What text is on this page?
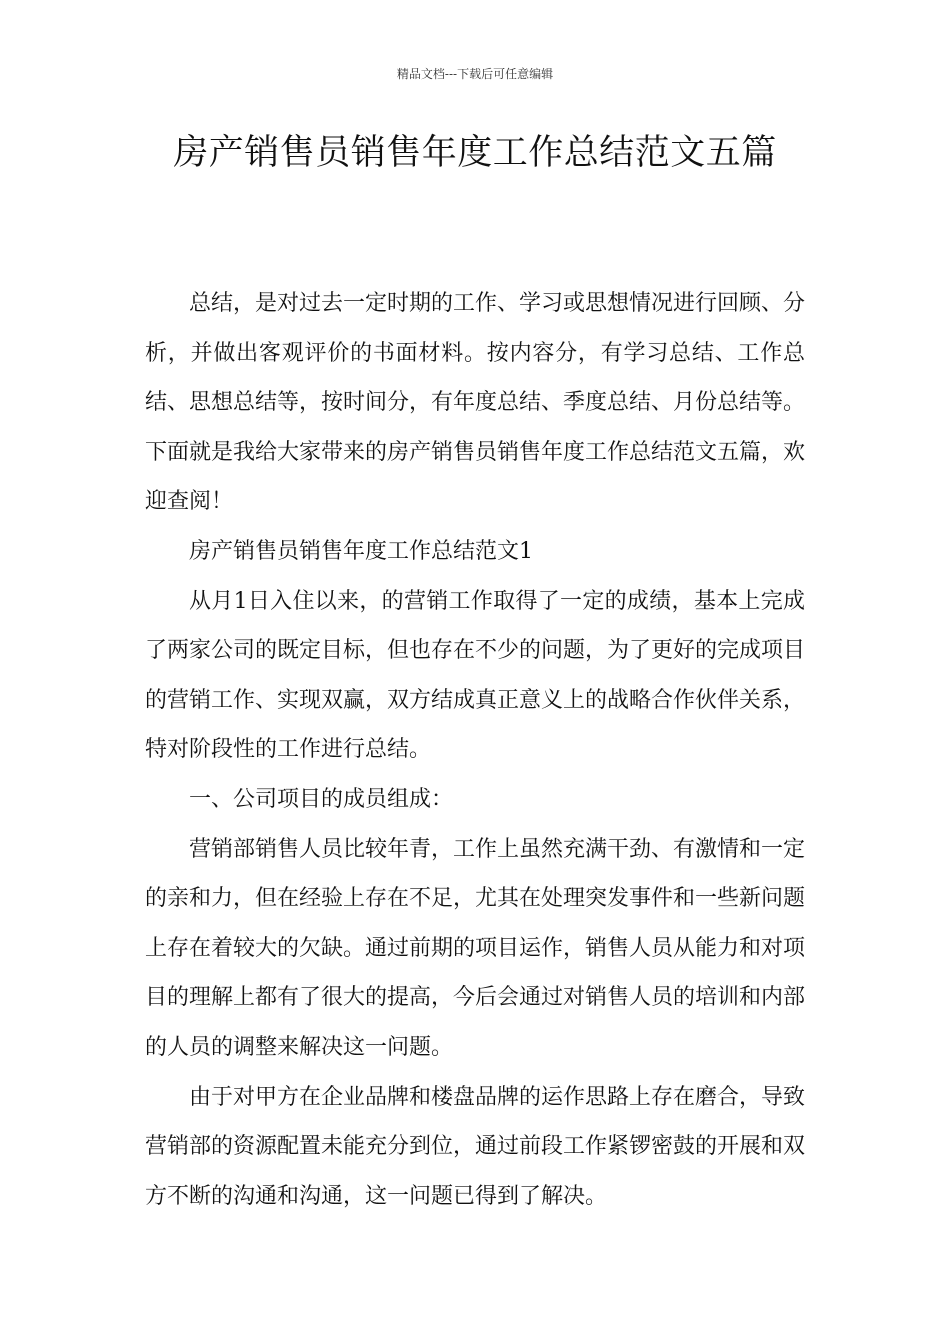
精品文档---下载后可任意编辑
房产销售员销售年度工作总结范文五篇

总结，是对过去一定时期的工作、学习或思想情况进行回顾、分析，并做出客观评价的书面材料。按内容分，有学习总结、工作总结、思想总结等，按时间分，有年度总结、季度总结、月份总结等。下面就是我给大家带来的房产销售员销售年度工作总结范文五篇，欢迎查阅！

房产销售员销售年度工作总结范文1

从月1日入住以来，的营销工作取得了一定的成绩，基本上完成了两家公司的既定目标，但也存在不少的问题，为了更好的完成项目的营销工作、实现双赢，双方结成真正意义上的战略合作伙伴关系，特对阶段性的工作进行总结。

一、公司项目的成员组成：

营销部销售人员比较年青，工作上虽然充满干劲、有激情和一定的亲和力，但在经验上存在不足，尤其在处理突发事件和一些新问题上存在着较大的欠缺。通过前期的项目运作，销售人员从能力和对项目的理解上都有了很大的提高，今后会通过对销售人员的培训和内部的人员的调整来解决这一问题。

由于对甲方在企业品牌和楼盘品牌的运作思路上存在磨合，导致营销部的资源配置未能充分到位，通过前段工作紧锣密鼓的开展和双方不断的沟通和沟通，这一问题已得到了解决。
